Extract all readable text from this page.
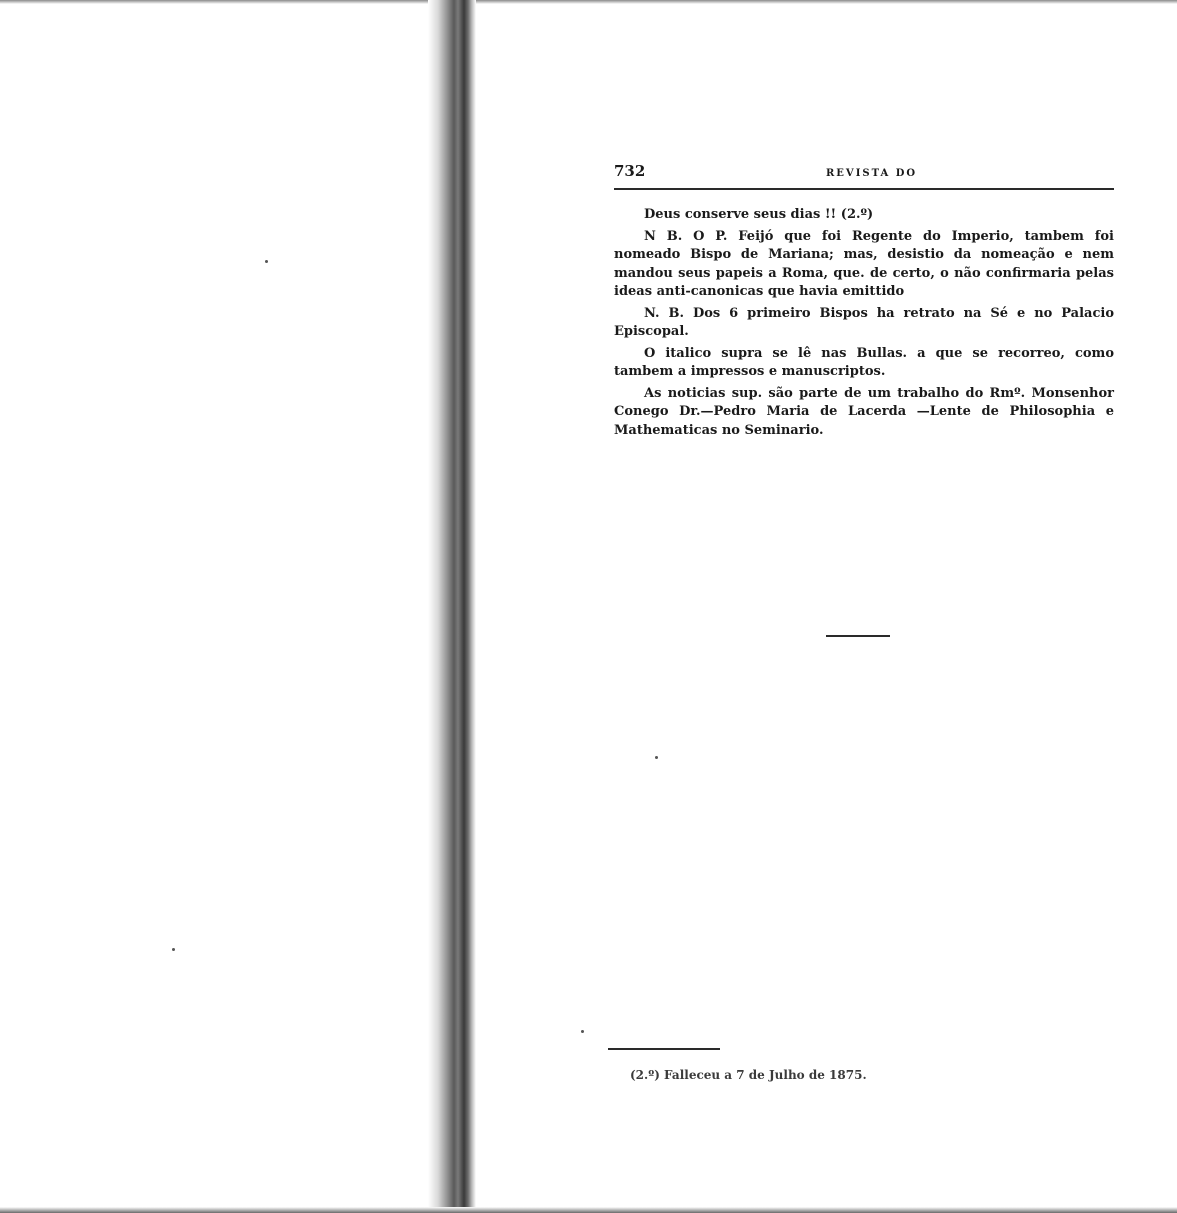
732	REVISTA DO

Deus conserve seus dias !! (2.º)

N B. O P. Feijó que foi Regente do Imperio, tambem foi nomeado Bispo de Mariana; mas, desistio da nomeação e nem mandou seus papeis a Roma, que. de certo, o não confirmaria pelas ideas anti-canonicas que havia emittido

N. B. Dos 6 primeiro Bispos ha retrato na Sé e no Palacio Episcopal.

O italico supra se lê nas Bullas. a que se recorreo, como tambem a impressos e manuscriptos.

As noticias sup. são parte de um trabalho do Rmº. Monsenhor Conego Dr.—Pedro Maria de Lacerda —Lente de Philosophia e Mathematicas no Seminario.

(2.º) Falleceu a 7 de Julho de 1875.
